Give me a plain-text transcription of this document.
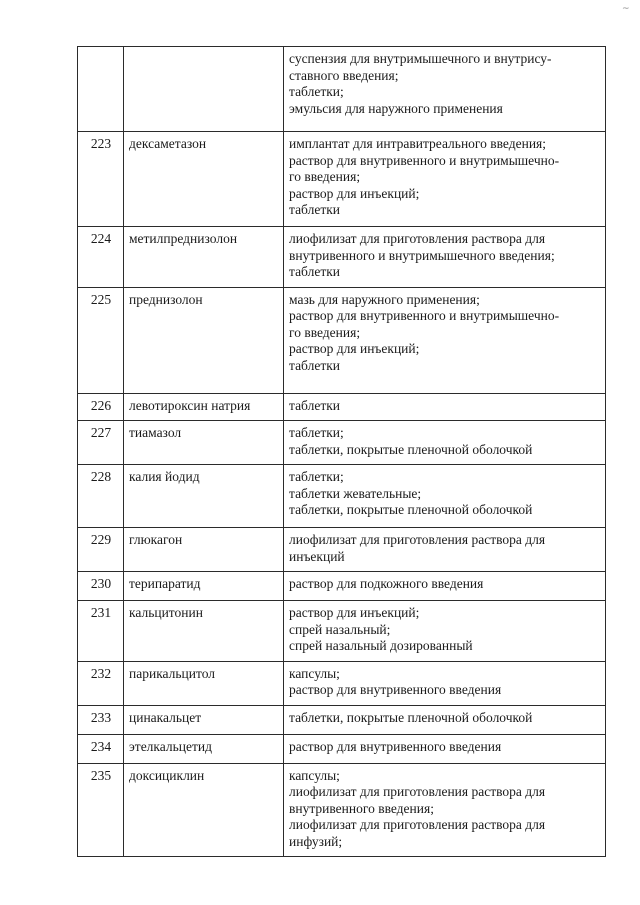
~

		суспензия для внутримышечного и внутрису-
ставного введения;
таблетки;
эмульсия для наружного применения

223	дексаметазон	имплантат для интравитреального введения;
раствор для внутривенного и внутримышечно-
го введения;
раствор для инъекций;
таблетки

224	метилпреднизолон	лиофилизат для приготовления раствора для
внутривенного и внутримышечного введения;
таблетки

225	преднизолон	мазь для наружного применения;
раствор для внутривенного и внутримышечно-
го введения;
раствор для инъекций;
таблетки

226	левотироксин натрия	таблетки

227	тиамазол	таблетки;
таблетки, покрытые пленочной оболочкой

228	калия йодид	таблетки;
таблетки жевательные;
таблетки, покрытые пленочной оболочкой

229	глюкагон	лиофилизат для приготовления раствора для
инъекций

230	терипаратид	раствор для подкожного введения

231	кальцитонин	раствор для инъекций;
спрей назальный;
спрей назальный дозированный

232	парикальцитол	капсулы;
раствор для внутривенного введения

233	цинакальцет	таблетки, покрытые пленочной оболочкой

234	этелкальцетид	раствор для внутривенного введения

235	доксициклин	капсулы;
лиофилизат для приготовления раствора для
внутривенного введения;
лиофилизат для приготовления раствора для
инфузий;
